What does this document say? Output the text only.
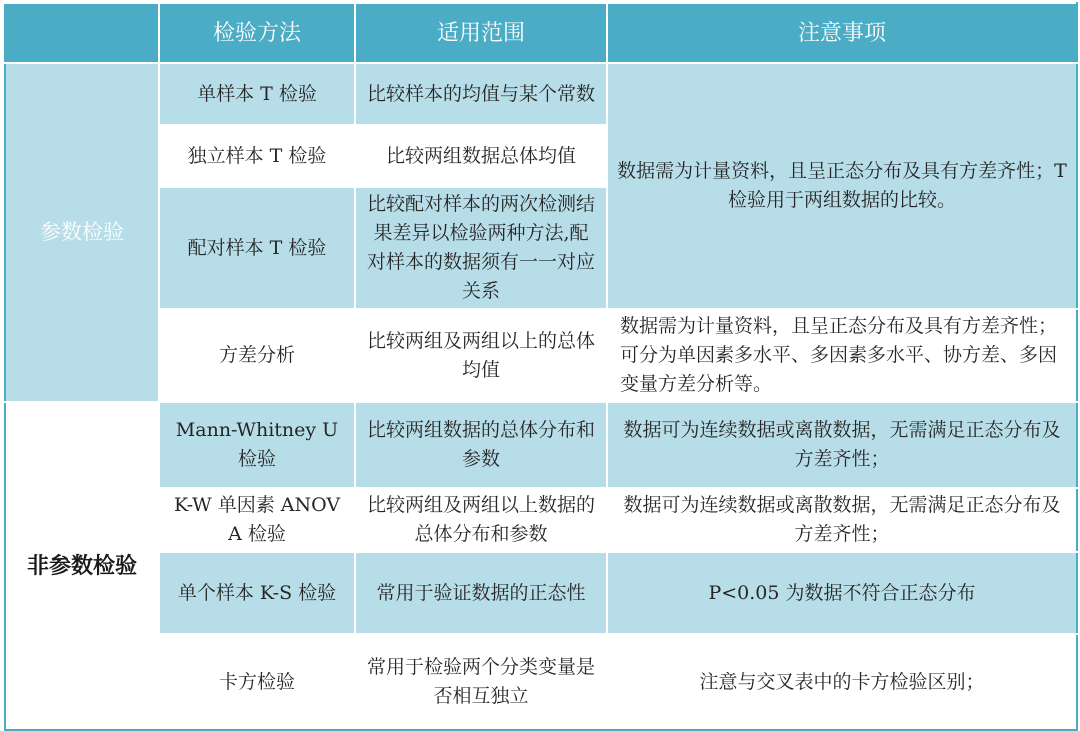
	检验方法	适用范围	注意事项
参数检验	单样本 T 检验	比较样本的均值与某个常数	数据需为计量资料，且呈正态分布及具有方差齐性；T 检验用于两组数据的比较。
	独立样本 T 检验	比较两组数据总体均值	
	配对样本 T 检验	比较配对样本的两次检测结果差异以检验两种方法,配对样本的数据须有一一对应关系	
	方差分析	比较两组及两组以上的总体均值	数据需为计量资料，且呈正态分布及具有方差齐性；可分为单因素多水平、多因素多水平、协方差、多因变量方差分析等。
非参数检验	Mann-Whitney U 检验	比较两组数据的总体分布和参数	数据可为连续数据或离散数据，无需满足正态分布及方差齐性；
	K-W 单因素 ANOVA 检验	比较两组及两组以上数据的总体分布和参数	数据可为连续数据或离散数据，无需满足正态分布及方差齐性；
	单个样本 K-S 检验	常用于验证数据的正态性	P<0.05 为数据不符合正态分布
	卡方检验	常用于检验两个分类变量是否相互独立	注意与交叉表中的卡方检验区别；
